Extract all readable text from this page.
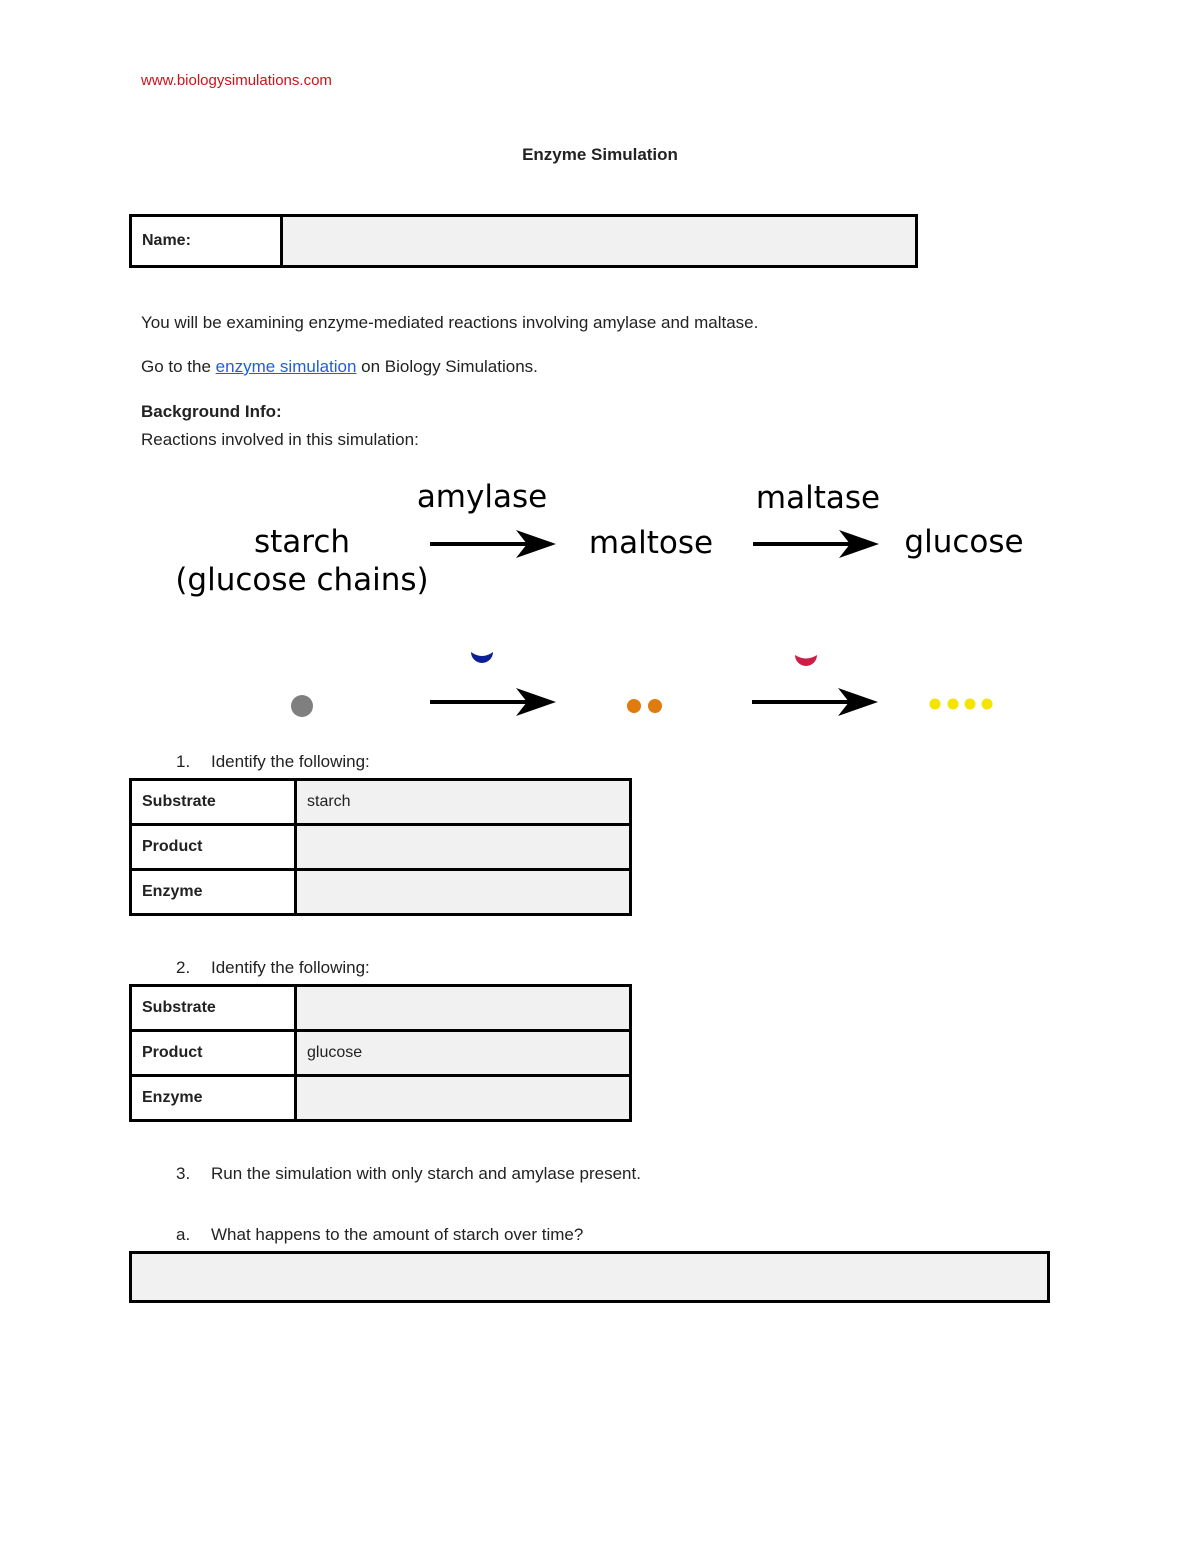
www.biologysimulations.com
Enzyme Simulation
Name:
You will be examining enzyme-mediated reactions involving amylase and maltase.
Go to the enzyme simulation on Biology Simulations.
Background Info:
Reactions involved in this simulation:
starch
(glucose chains)
amylase
maltose
maltase
glucose
1. Identify the following:
Substrate	starch
Product	
Enzyme	
2. Identify the following:
Substrate	
Product	glucose
Enzyme	
3. Run the simulation with only starch and amylase present.
a. What happens to the amount of starch over time?
